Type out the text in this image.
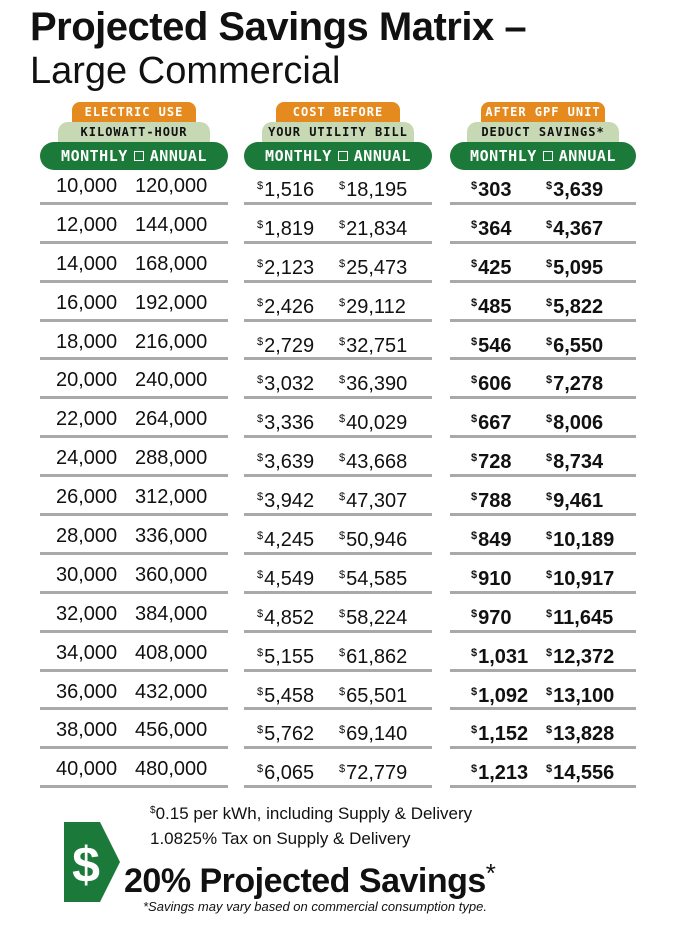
Projected Savings Matrix –
Large Commercial
ELECTRIC USE
KILOWATT-HOUR
MONTHLY ANNUAL
COST BEFORE
YOUR UTILITY BILL
MONTHLY ANNUAL
AFTER GPF UNIT
DEDUCT SAVINGS*
MONTHLY ANNUAL
10,000 120,000	$1,516 $18,195	$303	$3,639
12,000 144,000	$1,819 $21,834	$364	$4,367
14,000 168,000	$2,123 $25,473	$425	$5,095
16,000 192,000	$2,426 $29,112	$485	$5,822
18,000 216,000	$2,729 $32,751	$546	$6,550
20,000 240,000	$3,032 $36,390	$606	$7,278
22,000 264,000	$3,336 $40,029	$667	$8,006
24,000 288,000	$3,639 $43,668	$728	$8,734
26,000 312,000	$3,942 $47,307	$788	$9,461
28,000 336,000	$4,245 $50,946	$849	$10,189
30,000 360,000	$4,549 $54,585	$910	$10,917
32,000 384,000	$4,852 $58,224	$970	$11,645
34,000 408,000	$5,155 $61,862	$1,031 $12,372
36,000 432,000	$5,458 $65,501	$1,092 $13,100
38,000 456,000	$5,762 $69,140	$1,152 $13,828
40,000 480,000	$6,065 $72,779	$1,213 $14,556
$
$0.15 per kWh, including Supply & Delivery
1.0825% Tax on Supply & Delivery
20% Projected Savings*
*Savings may vary based on commercial consumption type.
